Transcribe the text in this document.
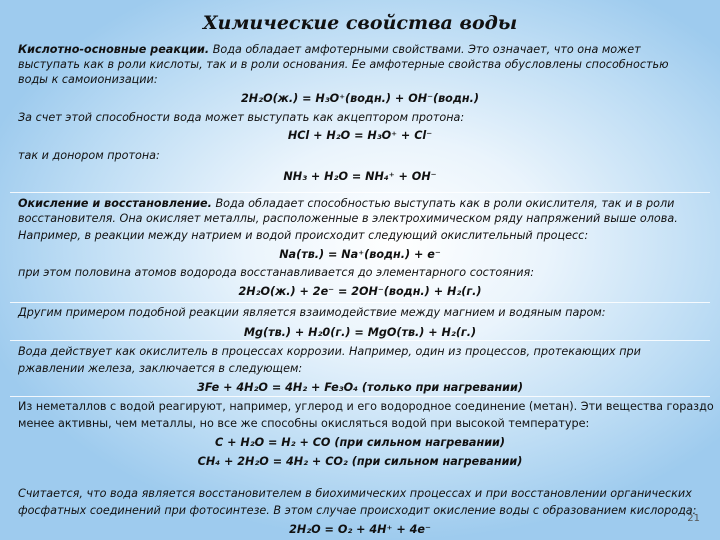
Химические свойства воды
Кислотно-основные реакции. Вода обладает амфотерными свойствами. Это означает, что она может
выступать как в роли кислоты, так и в роли основания. Ее амфотерные свойства обусловлены способностью
воды к самоионизации:
2H₂O(ж.) = H₃O⁺(водн.) + OH⁻(водн.)
За счет этой способности вода может выступать как акцептором протона:
HCl + H₂O = H₃O⁺ + Cl⁻
так и донором протона:
NH₃ + H₂O = NH₄⁺ + OH⁻
Окисление и восстановление. Вода обладает способностью выступать как в роли окислителя, так и в роли
восстановителя. Она окисляет металлы, расположенные в электрохимическом ряду напряжений выше олова.
Например, в реакции между натрием и водой происходит следующий окислительный процесс:
Na(тв.) = Na⁺(водн.) + e⁻
при этом половина атомов водорода восстанавливается до элементарного состояния:
2H₂O(ж.) + 2e⁻ = 2OH⁻(водн.) + H₂(г.)
Другим примером подобной реакции является взаимодействие между магнием и водяным паром:
Mg(тв.) + H₂0(г.) = MgO(тв.) + H₂(г.)
Вода действует как окислитель в процессах коррозии. Например, один из процессов, протекающих при
ржавлении железа, заключается в следующем:
3Fe + 4H₂O = 4H₂ + Fe₃O₄ (только при нагревании)
Из неметаллов с водой реагируют, например, углерод и его водородное соединение (метан). Эти вещества гораздо
менее активны, чем металлы, но все же способны окисляться водой при высокой температуре:
C + H₂O = H₂ + CO (при сильном нагревании)
CH₄ + 2H₂O = 4H₂ + CO₂ (при сильном нагревании)
Считается, что вода является восстановителем в биохимических процессах и при восстановлении органических
фосфатных соединений при фотосинтезе. В этом случае происходит окисление воды с образованием кислорода:
2H₂O = O₂ + 4H⁺ + 4e⁻
21
